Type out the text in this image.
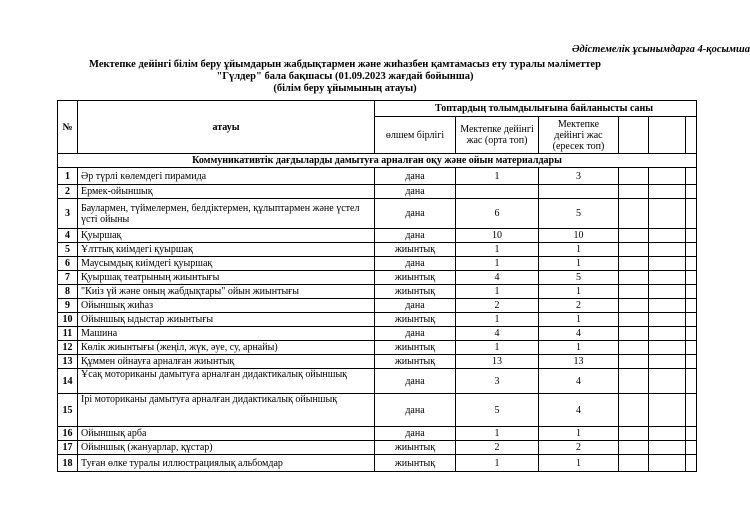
Әдістемелік ұсынымдарға 4-қосымша
Мектепке дейінгі білім беру ұйымдарын жабдықтармен және жиһазбен қамтамасыз ету туралы мәліметтер
"Гүлдер" бала бақшасы (01.09.2023 жағдай бойынша)
(білім беру ұйымының атауы)
№	атауы	Топтардың толымдылығына байланысты саны					
		өлшем бірлігі	Мектепке дейінгі жас (орта топ)	Мектепке дейінгі жас (ересек топ)			
Коммуникативтік дағдыларды дамытуға арналған оқу және ойын материалдары							
1	Әр түрлі көлемдегі пирамида	дана	1	3			
2	Ермек-ойыншық	дана					
3	Баулармен, түймелермен, белдіктермен, құлыптармен және үстел үсті ойыны	дана	6	5			
4	Қуыршақ	дана	10	10			
5	Ұлттық киімдегі қуыршақ	жиынтық	1	1			
6	Маусымдық киімдегі қуыршақ	дана	1	1			
7	Қуыршақ театрының жиынтығы	жиынтық	4	5			
8	"Киіз үй және оның жабдықтары" ойын жиынтығы	жиынтық	1	1			
9	Ойыншық жиһаз	дана	2	2			
10	Ойыншық ыдыстар жиынтығы	жиынтық	1	1			
11	Машина	дана	4	4			
12	Көлік жиынтығы (жеңіл, жүк, әуе, су, арнайы)	жиынтық	1	1			
13	Құммен ойнауға арналған жиынтық	жиынтық	13	13			
14	Ұсақ моториканы дамытуға арналған дидактикалық ойыншық	дана	3	4			
15	Ірі моториканы дамытуға арналған дидактикалық ойыншық	дана	5	4			
16	Ойыншық арба	дана	1	1			
17	Ойыншық (жануарлар, құстар)	жиынтық	2	2			
18	Туған өлке туралы иллюстрациялық альбомдар	жиынтық	1	1			
